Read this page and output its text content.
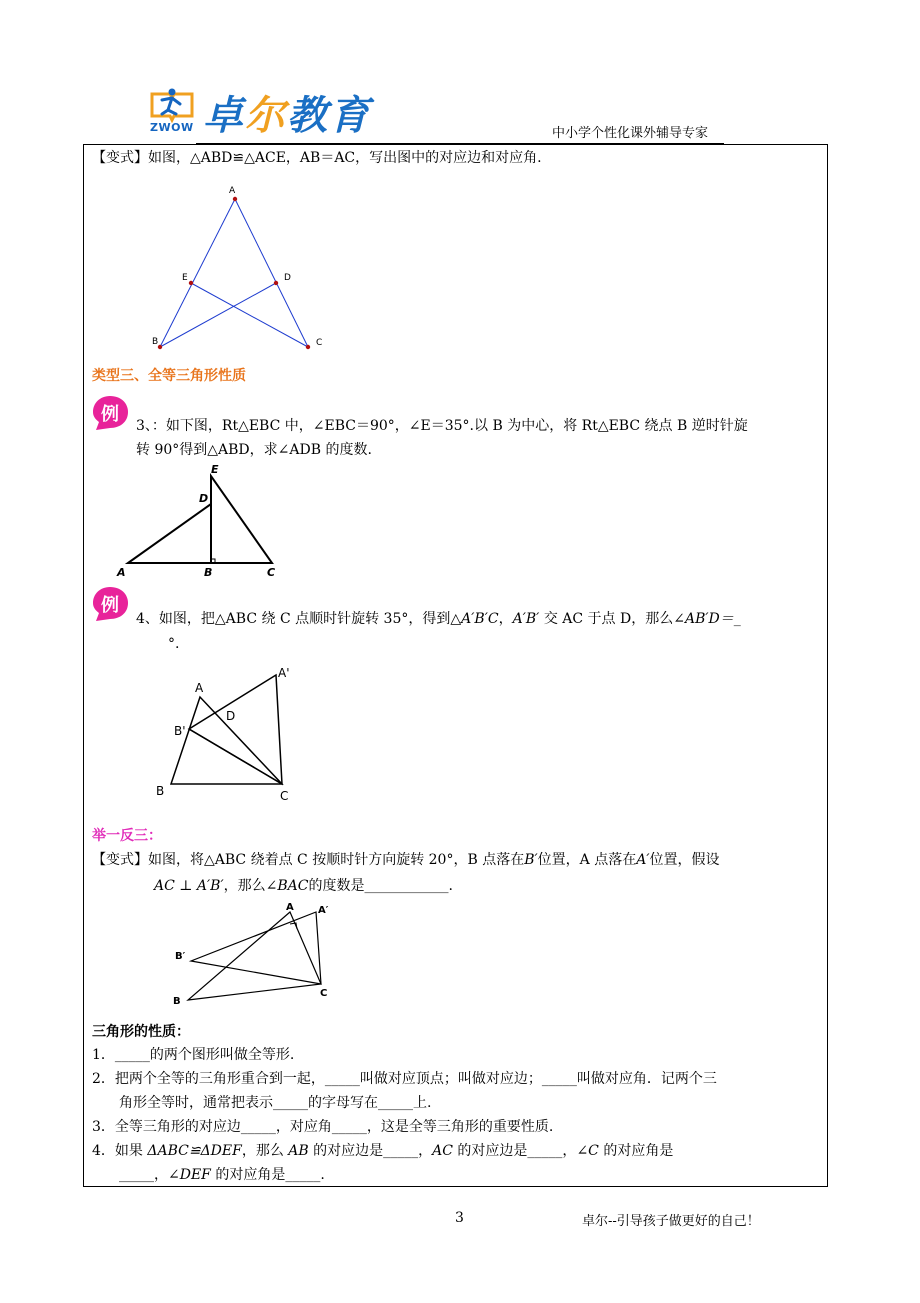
ZWOW 卓尔教育	中小学个性化课外辅导专家
【变式】如图，△ABD≌△ACE，AB＝AC，写出图中的对应边和对应角.
A
B	C
D
E
类型三、全等三角形性质
例
3、：如下图，Rt△EBC 中，∠EBC＝90°，∠E＝35°.以 B 为中心，将 Rt△EBC 绕点 B 逆时针旋
转 90°得到△ABD，求∠ADB 的度数.
E
D
A	B	C
例
4、如图，把△ABC 绕 C 点顺时针旋转 35°，得到△A′B′C，A′B′ 交 AC 于点 D，那么∠AB′D＝_
°.
A
A'
B'
D
B	C
举一反三：
【变式】如图，将△ABC 绕着点 C 按顺时针方向旋转 20°，B 点落在B′位置，A 点落在A′位置，假设
AC ⊥ A′B′，那么∠BAC的度数是____________.
A A′
B′
B
C
三角形的性质：
1．_____的两个图形叫做全等形.
2．把两个全等的三角形重合到一起，_____叫做对应顶点；叫做对应边；_____叫做对应角．记两个三
角形全等时，通常把表示_____的字母写在_____上.
3．全等三角形的对应边_____，对应角_____，这是全等三角形的重要性质.
4．如果 ΔABC≌ΔDEF，那么 AB 的对应边是_____，AC 的对应边是_____，∠C 的对应角是
_____，∠DEF 的对应角是_____.
3	卓尔--引导孩子做更好的自己！
